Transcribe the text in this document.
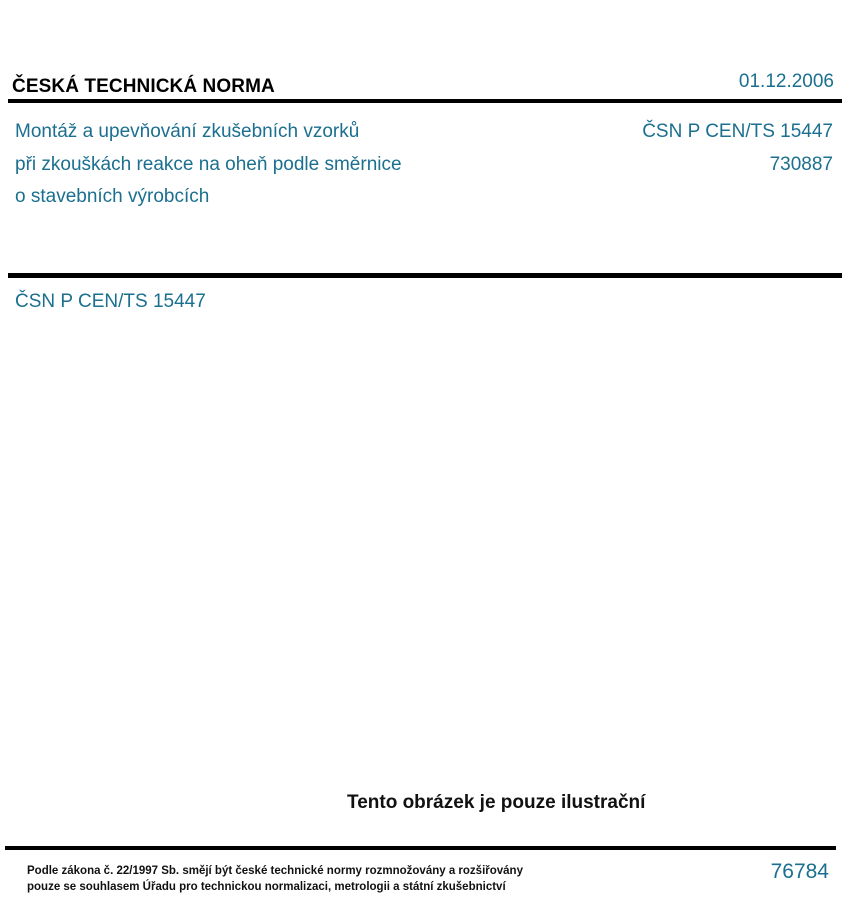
ČESKÁ TECHNICKÁ NORMA	01.12.2006
Montáž a upevňování zkušebních vzorků
při zkouškách reakce na oheň podle směrnice
o stavebních výrobcích
ČSN P CEN/TS 15447
730887
ČSN P CEN/TS 15447
Tento obrázek je pouze ilustrační
Podle zákona č. 22/1997 Sb. smějí být české technické normy rozmnožovány a rozšiřovány
pouze se souhlasem Úřadu pro technickou normalizaci, metrologii a státní zkušebnictví
76784
